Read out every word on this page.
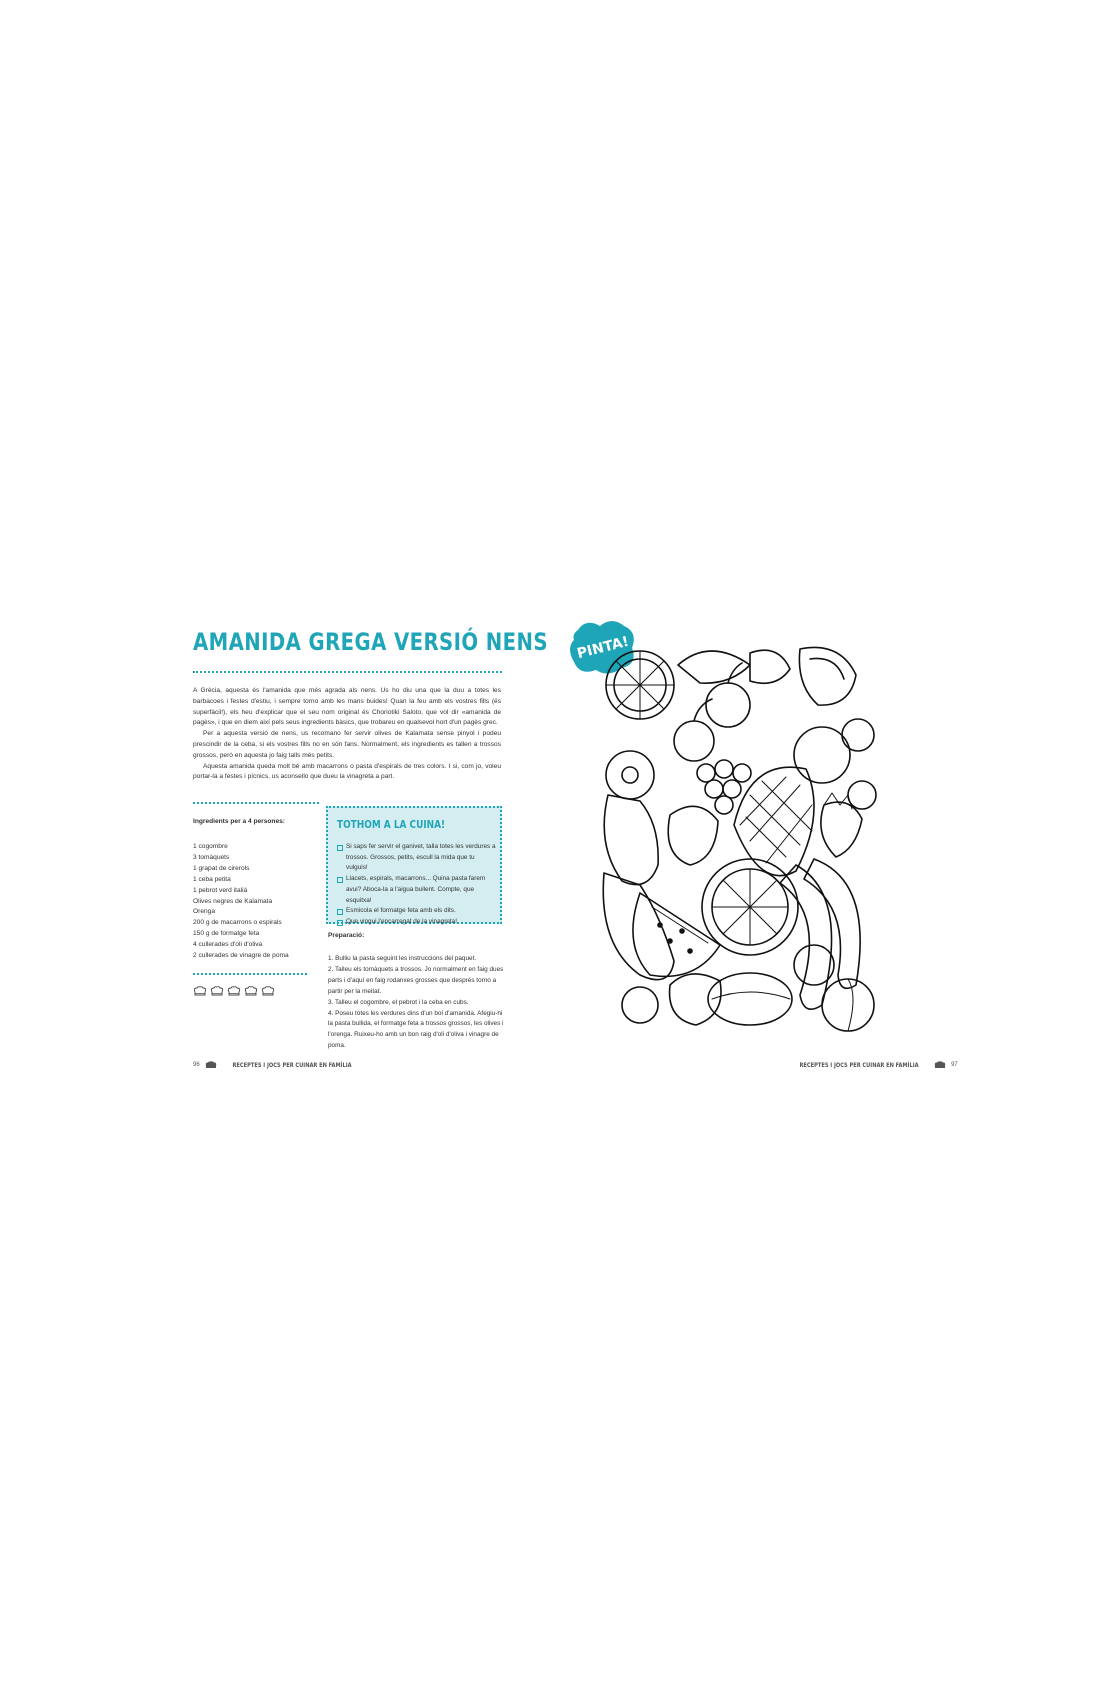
AMANIDA GREGA VERSIÓ NENS

A Grècia, aquesta és l'amanida que més agrada als nens. Us ho diu una que la duu a totes les barbacoes i festes d'estiu, i sempre torno amb les mans buides! Quan la feu amb els vostres fills (és superfàcil!), els heu d'explicar que el seu nom original és Choriotiki Saloto, que vol dir «amanida de pagès», i que en diem així pels seus ingredients bàsics, que trobareu en qualsevol hort d'un pagès grec.

Per a aquesta versió de nens, us recomano fer servir olives de Kalamata sense pinyol i podeu prescindir de la ceba, si els vostres fills no en són fans. Normalment, els ingredients es tallen a trossos grossos, però en aquesta jo faig talls més petits.

Aquesta amanida queda molt bé amb macarrons o pasta d'espirals de tres colors. I si, com jo, voleu portar-la a festes i pícnics, us aconsello que dueu la vinagreta a part.

Ingredients per a 4 persones:
1 cogombre
3 tomàquets
1 grapat de cirerols
1 ceba petita
1 pebrot verd italià
Olives negres de Kalamata
Orenga
200 g de macarrons o espirals
150 g de formatge feta
4 cullerades d'oli d'oliva
2 cullerades de vinagre de poma
TOTHOM A LA CUINA!
Si saps fer servir el ganivet, talla totes les verdures a trossos. Grossos, petits, escull la mida que tu vulguis!
Llacets, espirals, macarrons... Quina pasta farem avui? Aboca-la a l'aigua bullent. Compte, que esquitxa!
Esmicola el formatge feta amb els dits.
Que vingui l'encarregat de la vinagreta!
Preparació:
1. Bulliu la pasta seguint les instruccions del paquet.
2. Talleu els tomàquets a trossos. Jo normalment en faig dues parts i d'aquí en faig rodanxes grosses que després torno a partir per la meitat.
3. Talleu el cogombre, el pebrot i la ceba en cubs.
4. Poseu totes les verdures dins d'un bol d'amanida. Afegiu-hi la pasta bullida, el formatge feta a trossos grossos, les olives i l'orenga. Ruixeu-ho amb un bon raig d'oli d'oliva i vinagre de poma.
96	RECEPTES I JOCS PER CUINAR EN FAMÍLIA
PINTA!
RECEPTES I JOCS PER CUINAR EN FAMÍLIA	97
